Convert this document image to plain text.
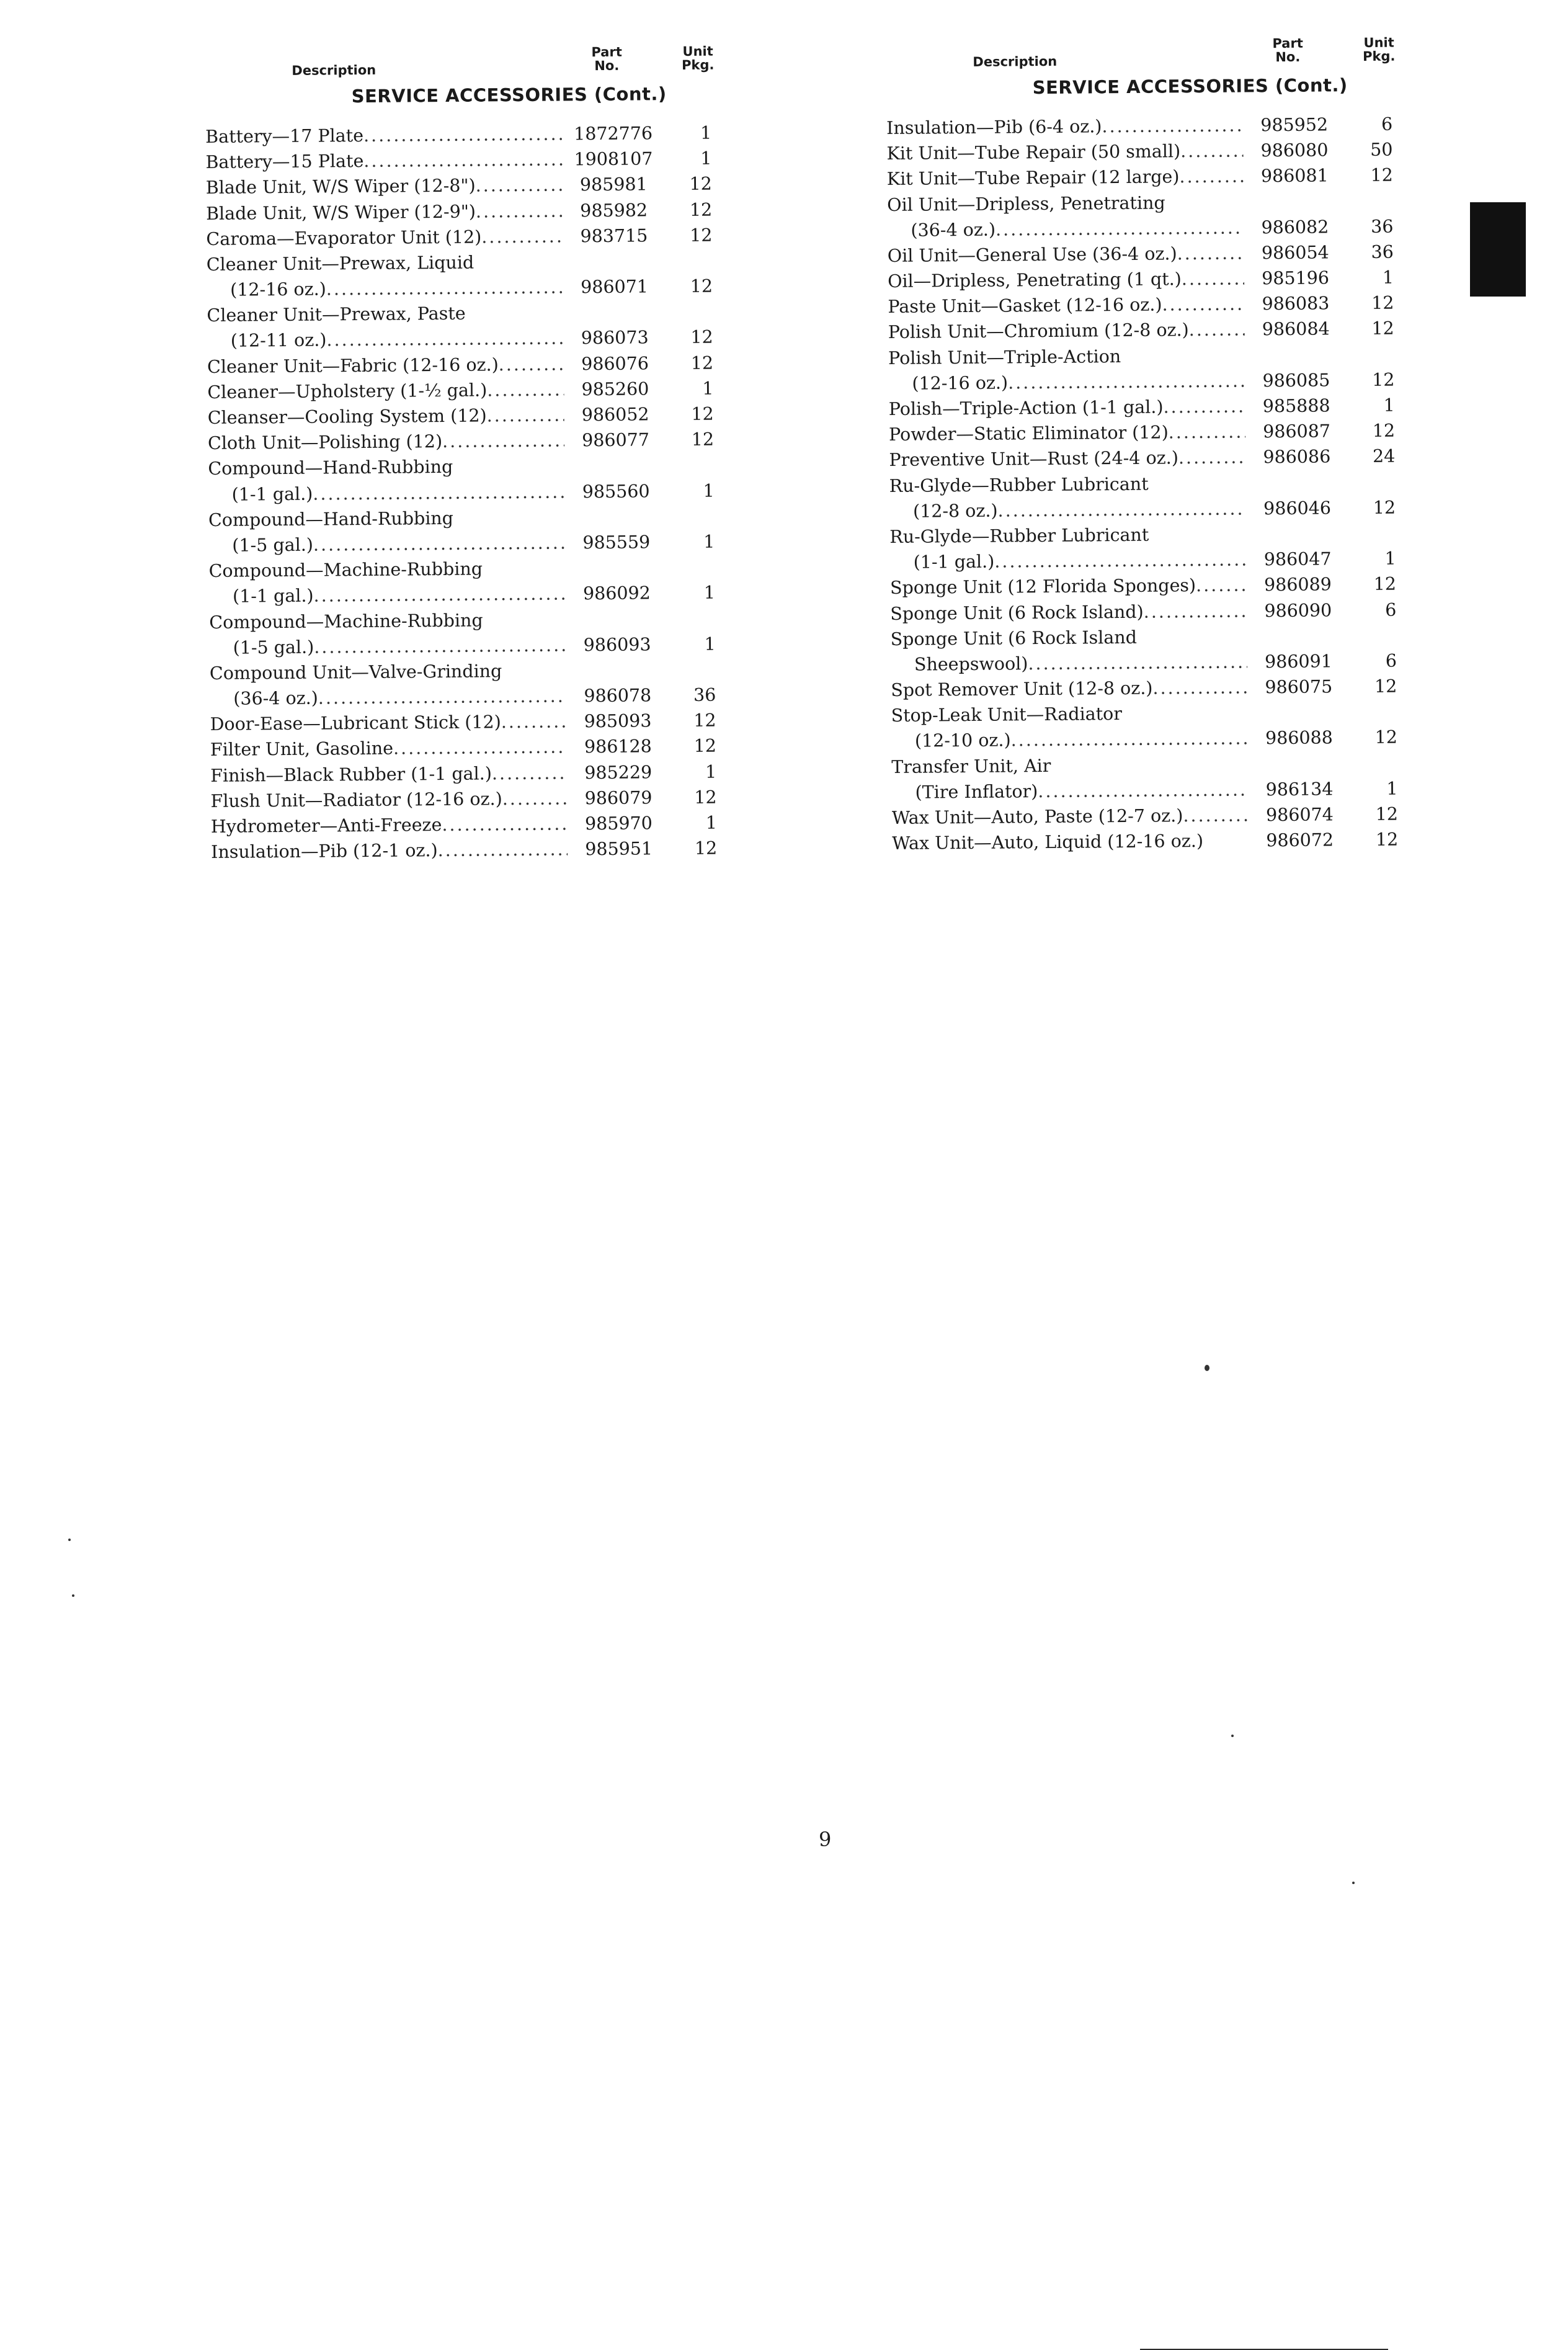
Description
Part
No.
Unit
Pkg.
SERVICE ACCESSORIES (Cont.)
Battery—17 Plate .....	1872776	1
Battery—15 Plate .....	1908107	1
Blade Unit, W/S Wiper (12-8") .....	985981	12
Blade Unit, W/S Wiper (12-9") .....	985982	12
Caroma—Evaporator Unit (12) .....	983715	12
Cleaner Unit—Prewax, Liquid
(12-16 oz.) .....	986071	12
Cleaner Unit—Prewax, Paste
(12-11 oz.) .....	986073	12
Cleaner Unit—Fabric (12-16 oz.) .....	986076	12
Cleaner—Upholstery (1-½ gal.) .....	985260	1
Cleanser—Cooling System (12) .....	986052	12
Cloth Unit—Polishing (12) .....	986077	12
Compound—Hand-Rubbing
(1-1 gal.) .....	985560	1
Compound—Hand-Rubbing
(1-5 gal.) .....	985559	1
Compound—Machine-Rubbing
(1-1 gal.) .....	986092	1
Compound—Machine-Rubbing
(1-5 gal.) .....	986093	1
Compound Unit—Valve-Grinding
(36-4 oz.) .....	986078	36
Door-Ease—Lubricant Stick (12) .....	985093	12
Filter Unit, Gasoline .....	986128	12
Finish—Black Rubber (1-1 gal.) .....	985229	1
Flush Unit—Radiator (12-16 oz.) .....	986079	12
Hydrometer—Anti-Freeze .....	985970	1
Insulation—Pib (12-1 oz.) .....	985951	12
Description
Part
No.
Unit
Pkg.
SERVICE ACCESSORIES (Cont.)
Insulation—Pib (6-4 oz.) .....	985952	6
Kit Unit—Tube Repair (50 small) .....	986080	50
Kit Unit—Tube Repair (12 large) .....	986081	12
Oil Unit—Dripless, Penetrating
(36-4 oz.) .....	986082	36
Oil Unit—General Use (36-4 oz.) .....	986054	36
Oil—Dripless, Penetrating (1 qt.) .....	985196	1
Paste Unit—Gasket (12-16 oz.) .....	986083	12
Polish Unit—Chromium (12-8 oz.) .....	986084	12
Polish Unit—Triple-Action
(12-16 oz.) .....	986085	12
Polish—Triple-Action (1-1 gal.) .....	985888	1
Powder—Static Eliminator (12) .....	986087	12
Preventive Unit—Rust (24-4 oz.) .....	986086	24
Ru-Glyde—Rubber Lubricant
(12-8 oz.) .....	986046	12
Ru-Glyde—Rubber Lubricant
(1-1 gal.) .....	986047	1
Sponge Unit (12 Florida Sponges) .....	986089	12
Sponge Unit (6 Rock Island) .....	986090	6
Sponge Unit (6 Rock Island
Sheepswool) .....	986091	6
Spot Remover Unit (12-8 oz.) .....	986075	12
Stop-Leak Unit—Radiator
(12-10 oz.) .....	986088	12
Transfer Unit, Air
(Tire Inflator) .....	986134	1
Wax Unit—Auto, Paste (12-7 oz.) .....	986074	12
Wax Unit—Auto, Liquid (12-16 oz.)	986072	12
9
